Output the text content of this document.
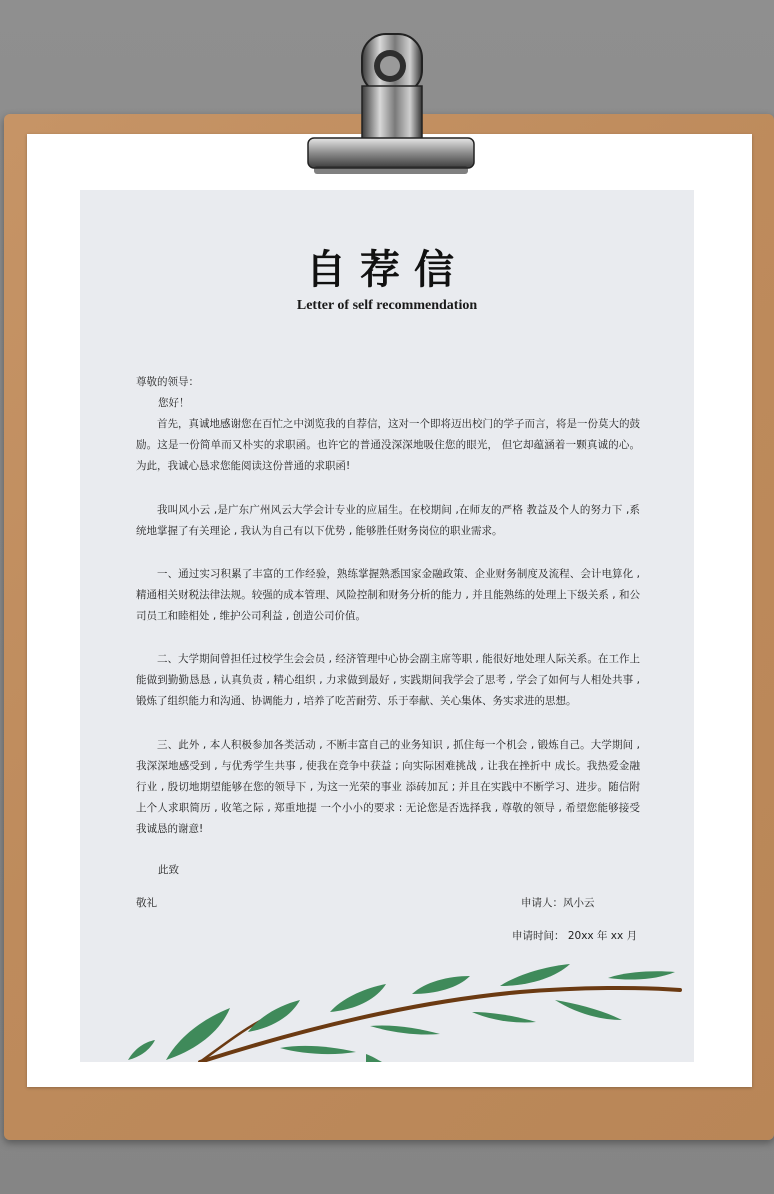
自荐信
Letter of self recommendation
尊敬的领导：
您好！
首先，真诚地感谢您在百忙之中浏览我的自荐信，这对一个即将迈出校门的学子而言，将是一份莫大的鼓励。这是一份简单而又朴实的求职函。也许它的普通没深深地吸住您的眼光， 但它却蕴涵着一颗真诚的心。为此，我诚心恳求您能阅读这份普通的求职函!
我叫风小云 ,是广东广州风云大学会计专业的应届生。在校期间 ,在师友的严格 教益及个人的努力下 ,系统地掌握了有关理论 , 我认为自己有以下优势 , 能够胜任财务岗位的职业需求。
一、通过实习积累了丰富的工作经验，熟练掌握熟悉国家金融政策、企业财务制度及流程、会计电算化 , 精通相关财税法律法规。较强的成本管理、风险控制和财务分析的能力 , 并且能熟练的处理上下级关系 , 和公司员工和睦相处 , 维护公司利益 , 创造公司价值。
二、大学期间曾担任过校学生会会员 , 经济管理中心协会副主席等职 , 能很好地处理人际关系。在工作上能做到勤勤恳恳 , 认真负责 , 精心组织 , 力求做到最好 , 实践期间我学会了思考 , 学会了如何与人相处共事 , 锻炼了组织能力和沟通、协调能力 , 培养了吃苦耐劳、乐于奉献、关心集体、务实求进的思想。
三、此外 , 本人积极参加各类活动 , 不断丰富自己的业务知识 , 抓住每一个机会 , 锻炼自己。大学期间 , 我深深地感受到 , 与优秀学生共事 , 使我在竞争中获益 ; 向实际困难挑战 , 让我在挫折中 成长。我热爱金融行业 , 殷切地期望能够在您的领导下 , 为这一光荣的事业 添砖加瓦 ; 并且在实践中不断学习、进步。随信附上个人求职简历 , 收笔之际 , 郑重地提 一个小小的要求 : 无论您是否选择我 , 尊敬的领导 , 希望您能够接受我诚恳的谢意!
此致
敬礼	申请人：风小云
申请时间： 20xx 年 xx 月
